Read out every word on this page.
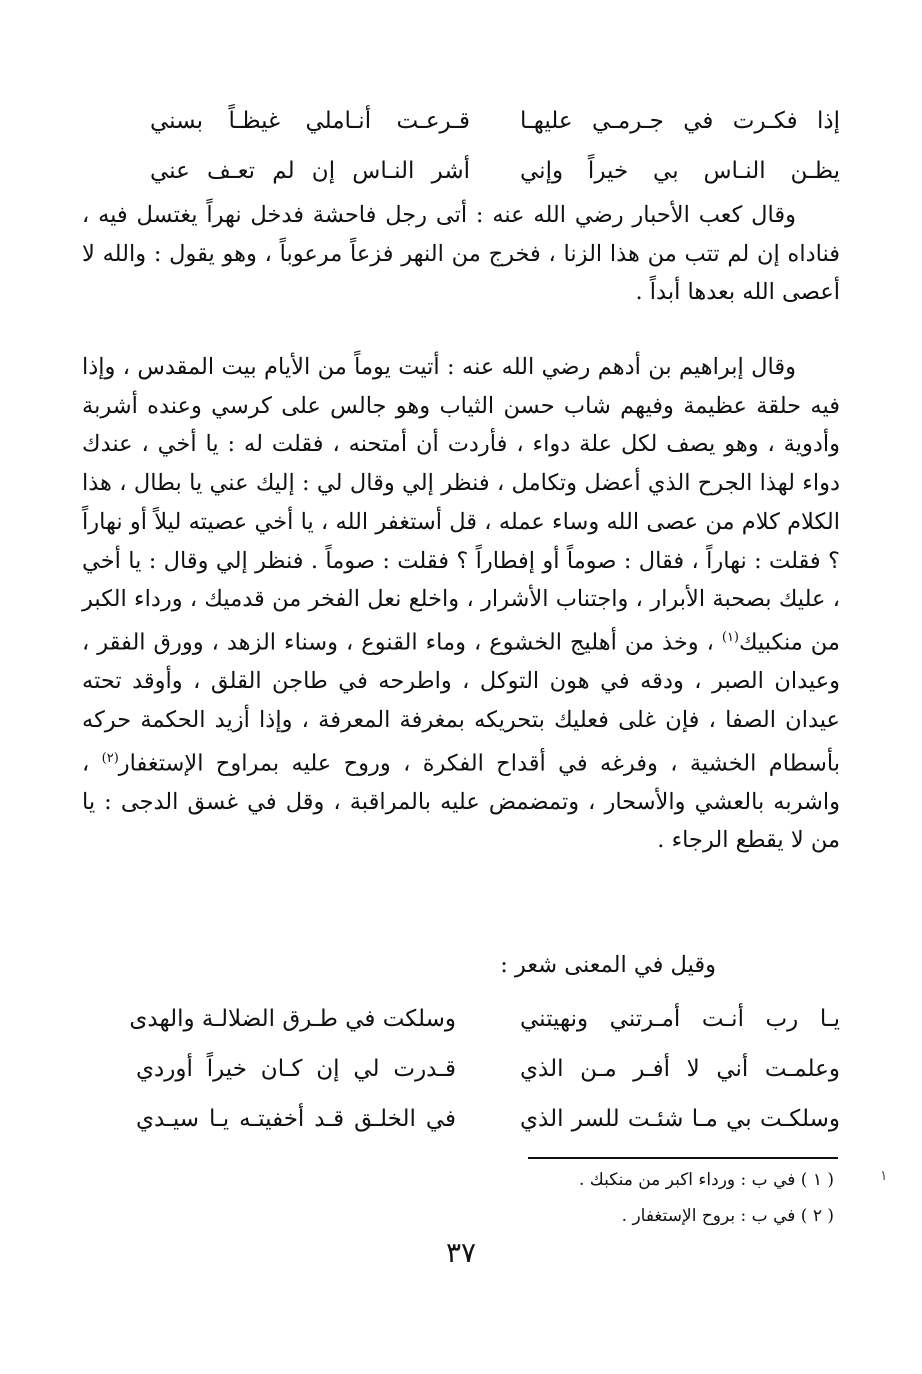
إذا فكـرت في جـرمـي عليهـا
قـرعـت أنـاملي غيظـاً بسني
يظـن النـاس بي خيراً وإني
أشر النـاس إن لم تعـف عني

وقال كعب الأحبار رضي الله عنه : أتى رجل فاحشة فدخل نهراً يغتسل فيه ، فناداه إن لم تتب من هذا الزنا ، فخرج من النهر فزعاً مرعوباً ، وهو يقول : والله لا أعصى الله بعدها أبداً .

وقال إبراهيم بن أدهم رضي الله عنه : أتيت يوماً من الأيام بيت المقدس ، وإذا فيه حلقة عظيمة وفيهم شاب حسن الثياب وهو جالس على كرسي وعنده أشربة وأدوية ، وهو يصف لكل علة دواء ، فأردت أن أمتحنه ، فقلت له : يا أخي ، عندك دواء لهذا الجرح الذي أعضل وتكامل ، فنظر إلي وقال لي : إليك عني يا بطال ، هذا الكلام كلام من عصى الله وساء عمله ، قل أستغفر الله ، يا أخي عصيته ليلاً أو نهاراً ؟ فقلت : نهاراً ، فقال : صوماً أو إفطاراً ؟ فقلت : صوماً . فنظر إلي وقال : يا أخي ، عليك بصحبة الأبرار ، واجتناب الأشرار ، واخلع نعل الفخر من قدميك ، ورداء الكبر من منكبيك$^{(١)}$ ، وخذ من أهليج الخشوع ، وماء القنوع ، وسناء الزهد ، وورق الفقر ، وعيدان الصبر ، ودقه في هون التوكل ، واطرحه في طاجن القلق ، وأوقد تحته عيدان الصفا ، فإن غلى فعليك بتحريكه بمغرفة المعرفة ، وإذا أزيد الحكمة حركه بأسطام الخشية ، وفرغه في أقداح الفكرة ، وروح عليه بمراوح الإستغفار$^{(٢)}$ ، واشربه بالعشي والأسحار ، وتمضمض عليه بالمراقبة ، وقل في غسق الدجى : يا من لا يقطع الرجاء .

وقيل في المعنى شعر :
يـا رب أنـت أمـرتني ونهيتني
وسلكت في طـرق الضلالـة والهدى
وعلمـت أني لا أفـر مـن الذي
قـدرت لي إن كـان خيراً أوردي
وسلكـت بي مـا شئـت للسر الذي
في الخلـق قـد أخفيتـه يـا سيـدي
( ١ ) في ب : ورداء اكبر من منكبك .
( ٢ ) في ب : بروح الإستغفار .
١
٣٧
